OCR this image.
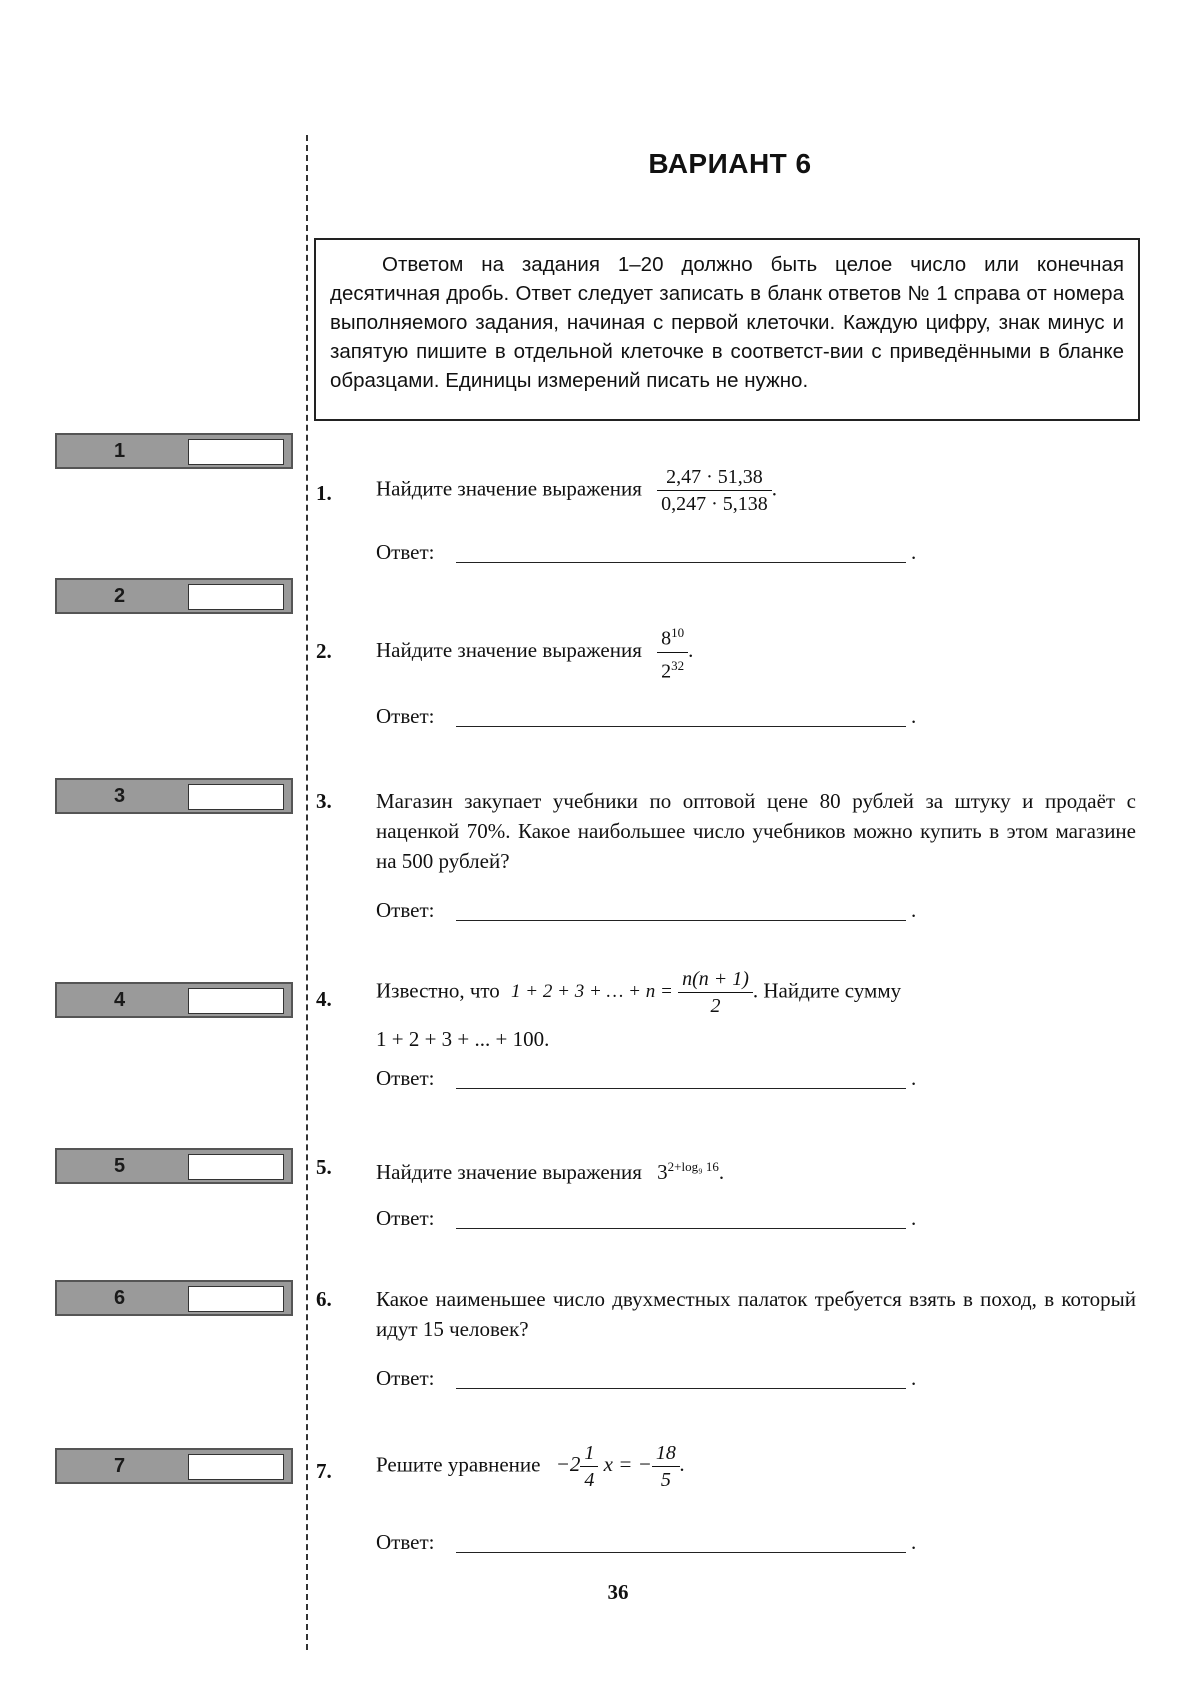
ВАРИАНТ 6

Ответом на задания 1–20 должно быть целое число или конечная десятичная дробь. Ответ следует записать в бланк ответов № 1 справа от номера выполняемого задания, начиная с первой клеточки. Каждую цифру, знак минус и запятую пишите в отдельной клеточке в соответст-вии с приведёнными в бланке образцами. Единицы измерений писать не нужно.

1
2
3
4
5
6
7
1. Найдите значение выражения $\frac{2,47 \cdot 51,38}{0,247 \cdot 5,138}$ .
Ответ:	.
2. Найдите значение выражения $\frac{8^{10}}{2^{32}}$ .
Ответ:	.
3. Магазин закупает учебники по оптовой цене 80 рублей за штуку и продаёт с наценкой 70%. Какое наибольшее число учебников можно купить в этом магазине на 500 рублей?
Ответ:	.
4. Известно, что 1 + 2 + 3 + … + $n = \frac{n(n + 1)}{2}$ . Найдите сумму
1 + 2 + 3 + ... + 100.
Ответ:	.
5. Найдите значение выражения $3^{2+log_9 16}$.
Ответ:	.
6. Какое наименьшее число двухместных палаток требуется взять в поход, в который идут 15 человек?
Ответ:	.
7. Решите уравнение $-2 \frac{1}{4}$ x = − $\frac{18}{5}$ .
Ответ:	.
36
